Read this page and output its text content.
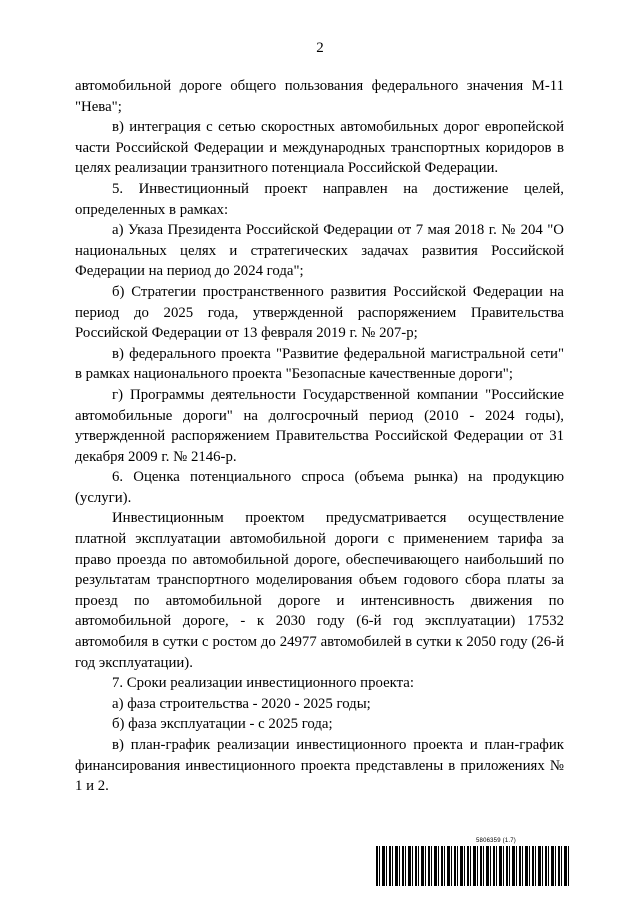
2

автомобильной дороге общего пользования федерального значения М-11 "Нева";

в) интеграция с сетью скоростных автомобильных дорог европейской части Российской Федерации и международных транспортных коридоров в целях реализации транзитного потенциала Российской Федерации.

5. Инвестиционный проект направлен на достижение целей, определенных в рамках:

а) Указа Президента Российской Федерации от 7 мая 2018 г. № 204 "О национальных целях и стратегических задачах развития Российской Федерации на период до 2024 года";

б) Стратегии пространственного развития Российской Федерации на период до 2025 года, утвержденной распоряжением Правительства Российской Федерации от 13 февраля 2019 г. № 207-р;

в) федерального проекта "Развитие федеральной магистральной сети" в рамках национального проекта "Безопасные качественные дороги";

г) Программы деятельности Государственной компании "Российские автомобильные дороги" на долгосрочный период (2010 - 2024 годы), утвержденной распоряжением Правительства Российской Федерации от 31 декабря 2009 г. № 2146-р.

6. Оценка потенциального спроса (объема рынка) на продукцию (услуги).

Инвестиционным проектом предусматривается осуществление платной эксплуатации автомобильной дороги с применением тарифа за право проезда по автомобильной дороге, обеспечивающего наибольший по результатам транспортного моделирования объем годового сбора платы за проезд по автомобильной дороге и интенсивность движения по автомобильной дороге, - к 2030 году (6-й год эксплуатации) 17532 автомобиля в сутки с ростом до 24977 автомобилей в сутки к 2050 году (26-й год эксплуатации).

7. Сроки реализации инвестиционного проекта:

а) фаза строительства - 2020 - 2025 годы;

б) фаза эксплуатации - с 2025 года;

в) план-график реализации инвестиционного проекта и план-график финансирования инвестиционного проекта представлены в приложениях № 1 и 2.

5806359 (1.7)
